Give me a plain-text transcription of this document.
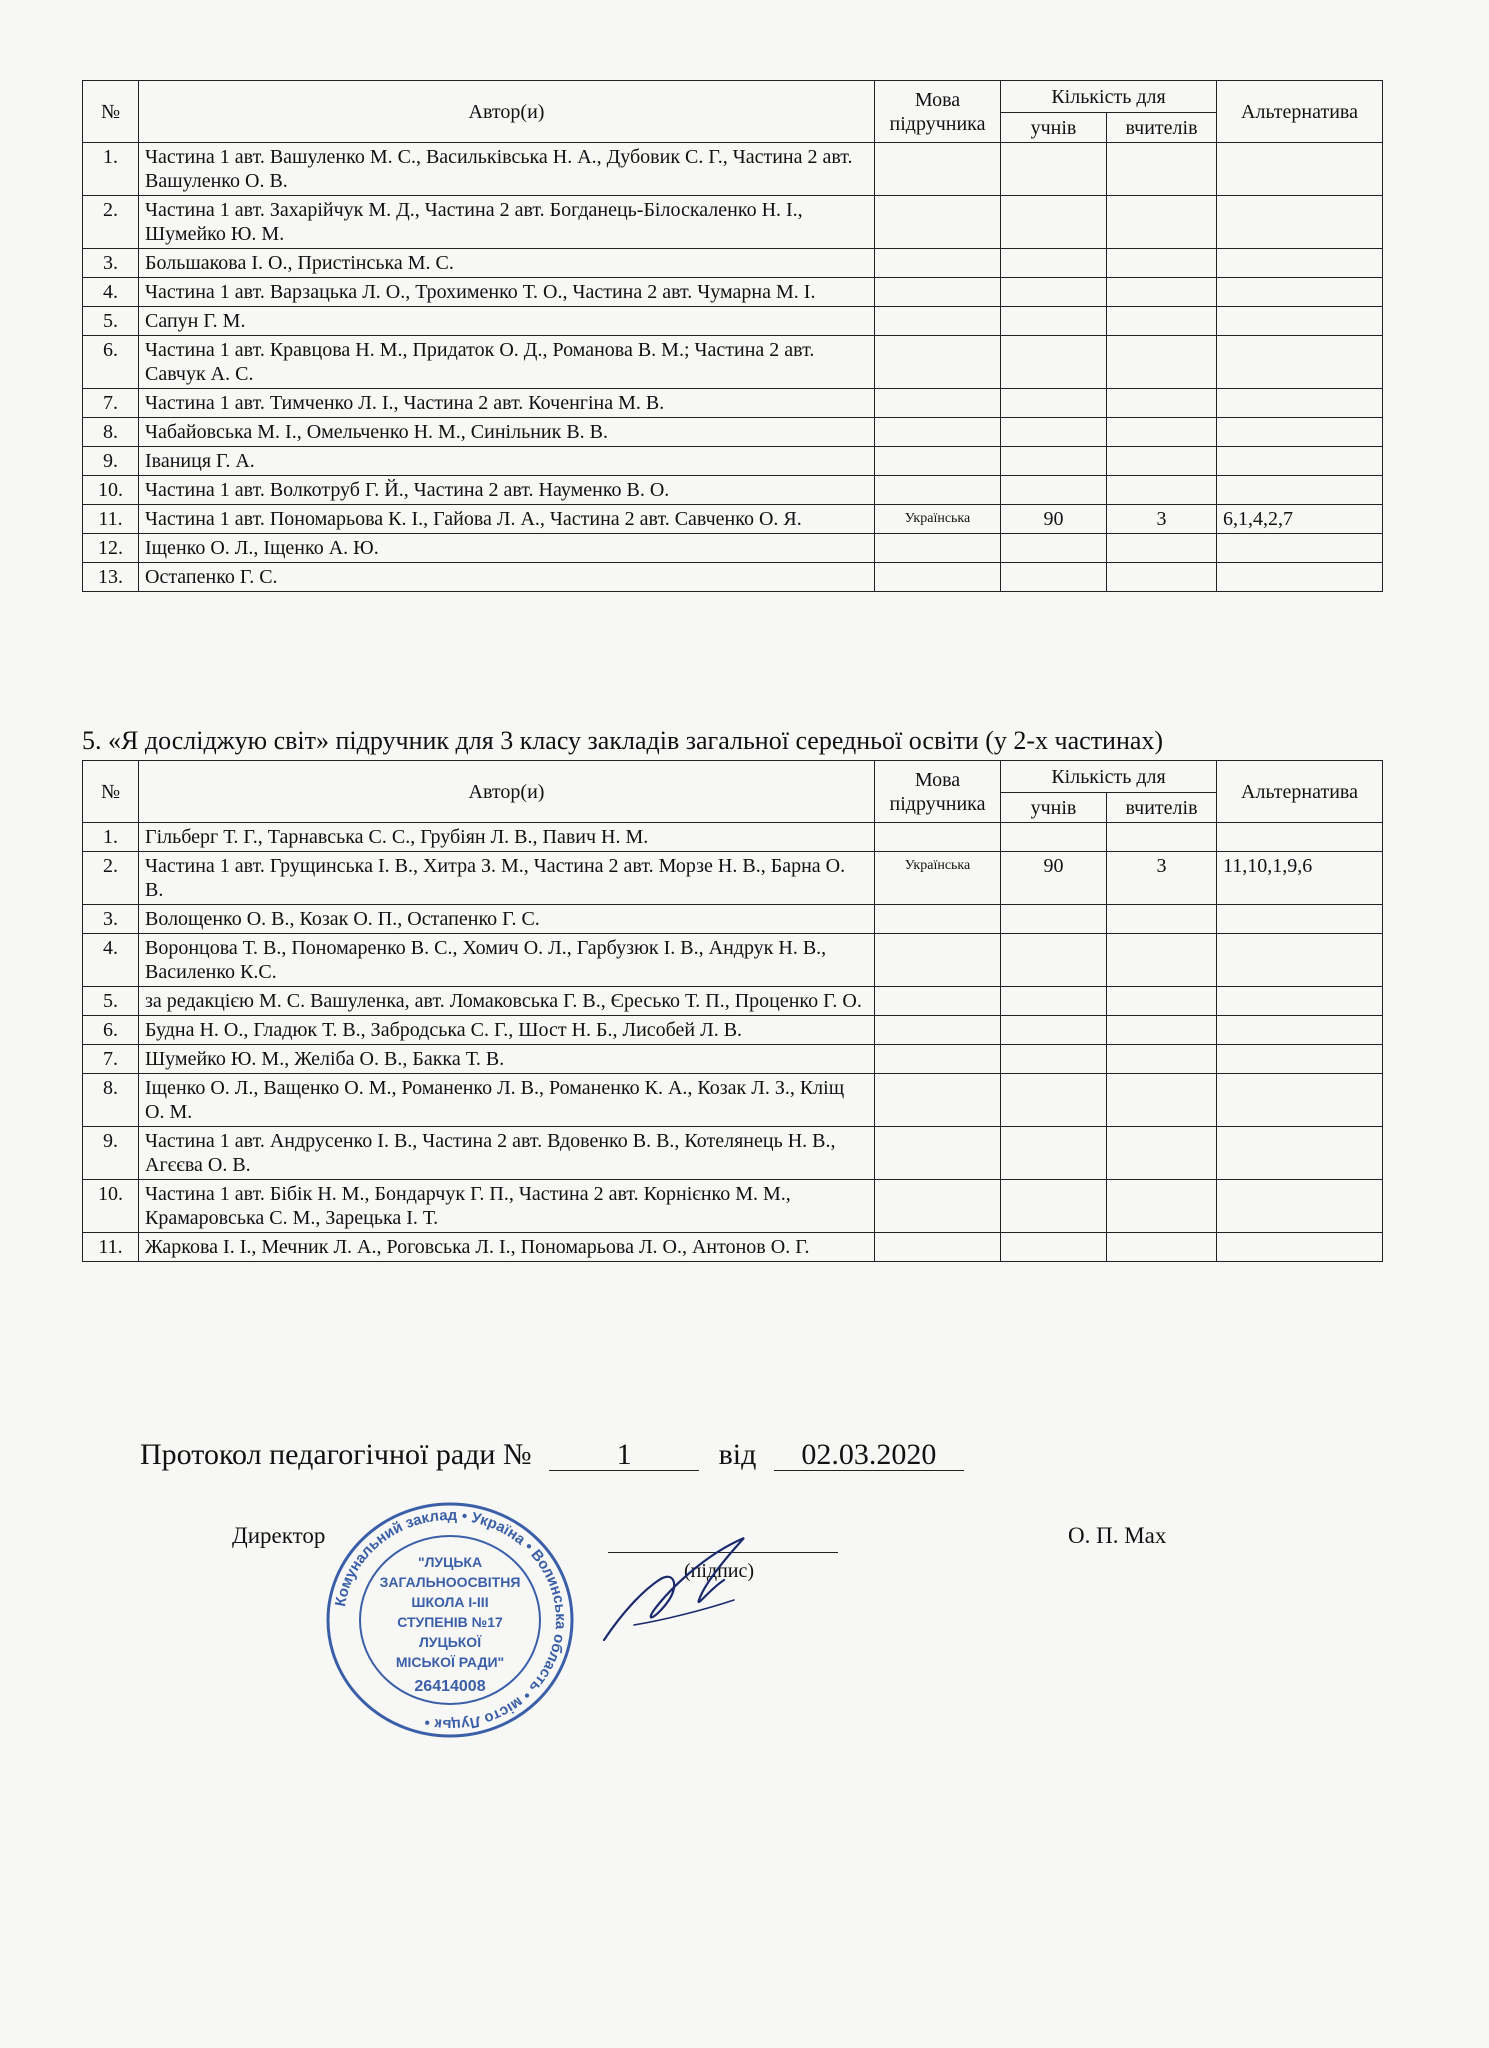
№	Автор(и)	Мова підручника	Кількість для		Альтернатива
			учнів	вчителів	
1.	Частина 1 авт. Вашуленко М. С., Васильківська Н. А., Дубовик С. Г., Частина 2 авт. Вашуленко О. В.				
2.	Частина 1 авт. Захарійчук М. Д., Частина 2 авт. Богданець-Білоскаленко Н. І., Шумейко Ю. М.				
3.	Большакова І. О., Пристінська М. С.				
4.	Частина 1 авт. Варзацька Л. О., Трохименко Т. О., Частина 2 авт. Чумарна М. І.				
5.	Сапун Г. М.				
6.	Частина 1 авт. Кравцова Н. М., Придаток О. Д., Романова В. М.; Частина 2 авт. Савчук А. С.				
7.	Частина 1 авт. Тимченко Л. І., Частина 2 авт. Коченгіна М. В.				
8.	Чабайовська М. І., Омельченко Н. М., Синільник В. В.				
9.	Іваниця Г. А.				
10.	Частина 1 авт. Волкотруб Г. Й., Частина 2 авт. Науменко В. О.				
11.	Частина 1 авт. Пономарьова К. І., Гайова Л. А., Частина 2 авт. Савченко О. Я.	Українська	90	3	6,1,4,2,7
12.	Іщенко О. Л., Іщенко А. Ю.				
13.	Остапенко Г. С.				
5. «Я досліджую світ» підручник для 3 класу закладів загальної середньої освіти (у 2-х частинах)
№	Автор(и)	Мова підручника	Кількість для		Альтернатива
			учнів	вчителів	
1.	Гільберг Т. Г., Тарнавська С. С., Грубіян Л. В., Павич Н. М.				
2.	Частина 1 авт. Грущинська І. В., Хитра З. М., Частина 2 авт. Морзе Н. В., Барна О. В.	Українська	90	3	11,10,1,9,6
3.	Волощенко О. В., Козак О. П., Остапенко Г. С.				
4.	Воронцова Т. В., Пономаренко В. С., Хомич О. Л., Гарбузюк І. В., Андрук Н. В., Василенко К.С.				
5.	за редакцією М. С. Вашуленка, авт. Ломаковська Г. В., Єресько Т. П., Проценко Г. О.				
6.	Будна Н. О., Гладюк Т. В., Забродська С. Г., Шост Н. Б., Лисобей Л. В.				
7.	Шумейко Ю. М., Желіба О. В., Бакка Т. В.				
8.	Іщенко О. Л., Ващенко О. М., Романенко Л. В., Романенко К. А., Козак Л. З., Кліщ О. М.				
9.	Частина 1 авт. Андрусенко І. В., Частина 2 авт. Вдовенко В. В., Котелянець Н. В., Агєєва О. В.				
10.	Частина 1 авт. Бібік Н. М., Бондарчук Г. П., Частина 2 авт. Корнієнко М. М., Крамаровська С. М., Зарецька І. Т.				
11.	Жаркова І. І., Мечник Л. А., Роговська Л. І., Пономарьова Л. О., Антонов О. Г.				
Протокол педагогічної ради №	1	від 02.03.2020
Директор
(підпис)
О. П. Мах
Комунальний заклад • Україна • Волинська область • місто Луцьк •
"ЛУЦЬКА
ЗАГАЛЬНООСВІТНЯ
ШКОЛА І-ІІІ
СТУПЕНІВ №17
ЛУЦЬКОЇ
МІСЬКОЇ РАДИ"
26414008
